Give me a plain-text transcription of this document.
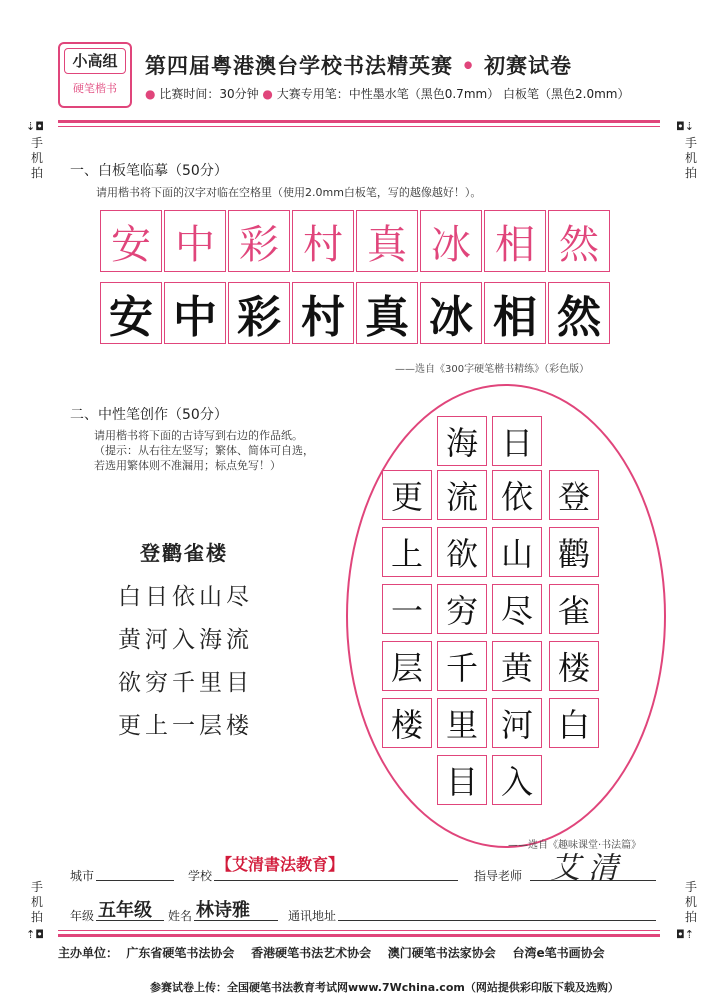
小高组
硬笔楷书
第四届粤港澳台学校书法精英赛 • 初赛试卷
● 比赛时间：30分钟 ● 大赛专用笔：中性墨水笔（黑色0.7mm） 白板笔（黑色2.0mm）
⇣◘
手
机
拍
◘⇣
手
机
拍
手
机
拍
⇡◘
手
机
拍
◘⇡
一、白板笔临摹（50分）
请用楷书将下面的汉字对临在空格里（使用2.0mm白板笔，写的越像越好！）。
安 中 彩 村 真 冰 相 然
安 中 彩 村 真 冰 相 然
——选自《300字硬笔楷书精练》（彩色版）
二、中性笔创作（50分）
请用楷书将下面的古诗写到右边的作品纸。
（提示：从右往左竖写；繁体、简体可自选，
若选用繁体则不准漏用；标点免写！）
登鹳雀楼
白日依山尽
黄河入海流
欲穷千里目
更上一层楼
登
鹳
雀
楼
白
日
依
山
尽
黄
河
入
海
流
欲
穷
千
里
目
更
上
一
层
楼
——选自《趣味课堂·书法篇》
城市	学校
【艾清書法教育】
指导老师 艾清
年级 五年级 姓名 林诗雅	通讯地址
主办单位：  广东省硬笔书法协会    香港硬笔书法艺术协会    澳门硬笔书法家协会    台湾e笔书画协会
参赛试卷上传：全国硬笔书法教育考试网www.7Wchina.com（网站提供彩印版下载及选购）
